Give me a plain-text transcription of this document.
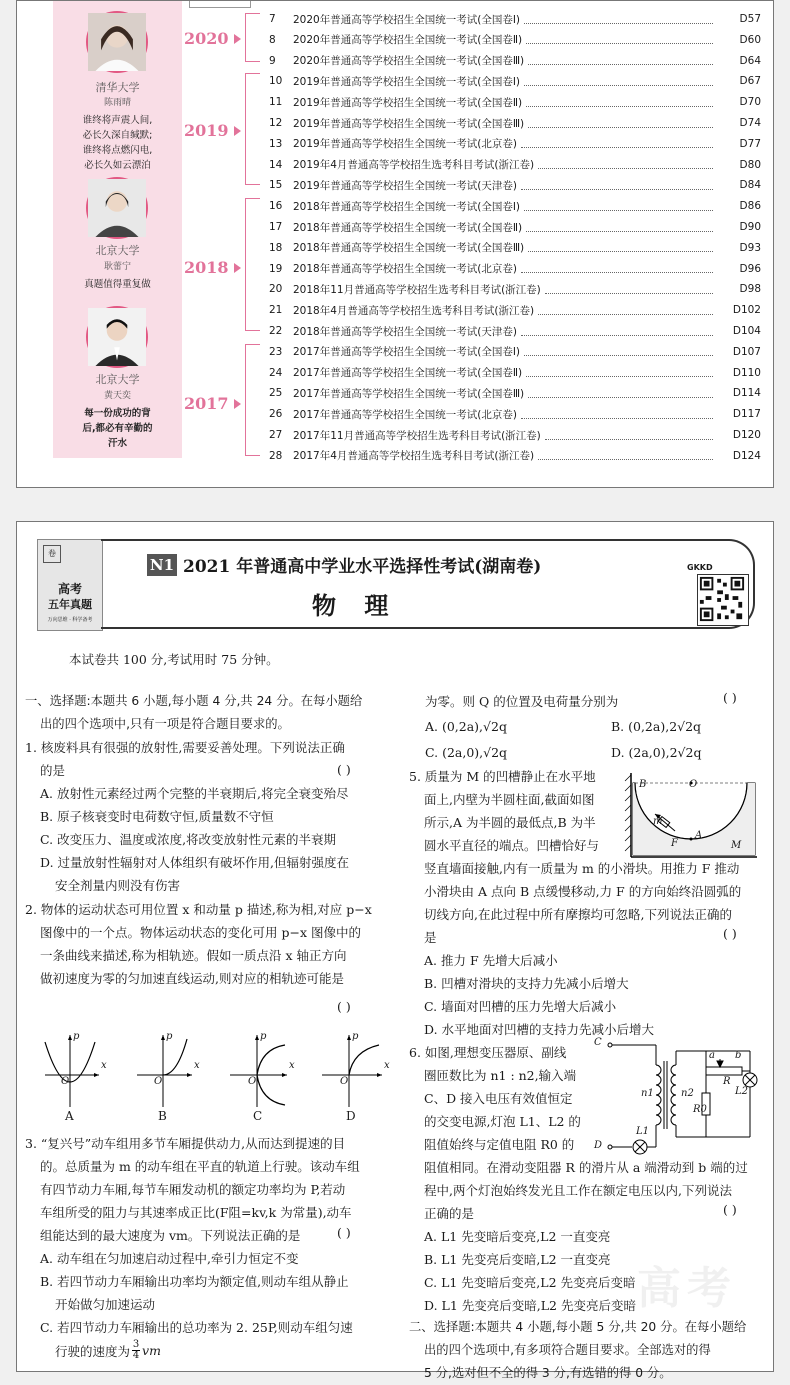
清华大学
陈雨晴
谁终将声震人间,
必长久深自缄默;
谁终将点燃闪电,
必长久如云漂泊
北京大学
耿蕾宁
真题值得重复做
北京大学
黄天奕
每一份成功的背
后,都必有辛勤的
汗水
2020
2019
2018
2017
7	2020年普通高等学校招生全国统一考试(全国卷Ⅰ)	D57
8	2020年普通高等学校招生全国统一考试(全国卷Ⅱ)	D60
9	2020年普通高等学校招生全国统一考试(全国卷Ⅲ)	D64
10	2019年普通高等学校招生全国统一考试(全国卷Ⅰ)	D67
11	2019年普通高等学校招生全国统一考试(全国卷Ⅱ)	D70
12	2019年普通高等学校招生全国统一考试(全国卷Ⅲ)	D74
13	2019年普通高等学校招生全国统一考试(北京卷)	D77
14	2019年4月普通高等学校招生选考科目考试(浙江卷)	D80
15	2019年普通高等学校招生全国统一考试(天津卷)	D84
16	2018年普通高等学校招生全国统一考试(全国卷Ⅰ)	D86
17	2018年普通高等学校招生全国统一考试(全国卷Ⅱ)	D90
18	2018年普通高等学校招生全国统一考试(全国卷Ⅲ)	D93
19	2018年普通高等学校招生全国统一考试(北京卷)	D96
20	2018年11月普通高等学校招生选考科目考试(浙江卷)	D98
21	2018年4月普通高等学校招生选考科目考试(浙江卷)	D102
22	2018年普通高等学校招生全国统一考试(天津卷)	D104
23	2017年普通高等学校招生全国统一考试(全国卷Ⅰ)	D107
24	2017年普通高等学校招生全国统一考试(全国卷Ⅱ)	D110
25	2017年普通高等学校招生全国统一考试(全国卷Ⅲ)	D114
26	2017年普通高等学校招生全国统一考试(北京卷)	D117
27	2017年11月普通高等学校招生选考科目考试(浙江卷)	D120
28	2017年4月普通高等学校招生选考科目考试(浙江卷)	D124
卷
高考
五年真题
万向思维 · 科学备考
N1 2021 年普通高中学业水平选择性考试(湖南卷)
物 理
GKKD
本试卷共 100 分,考试用时 75 分钟。
一、选择题:本题共 6 小题,每小题 4 分,共 24 分。在每小题给
出的四个选项中,只有一项是符合题目要求的。
1. 核废料具有很强的放射性,需要妥善处理。下列说法正确
的是
A. 放射性元素经过两个完整的半衰期后,将完全衰变殆尽
B. 原子核衰变时电荷数守恒,质量数不守恒
C. 改变压力、温度或浓度,将改变放射性元素的半衰期
D. 过量放射性辐射对人体组织有破坏作用,但辐射强度在
安全剂量内则没有伤害
( )
2. 物体的运动状态可用位置 x 和动量 p 描述,称为相,对应 p−x
图像中的一个点。物体运动状态的变化可用 p−x 图像中的
一条曲线来描述,称为相轨迹。假如一质点沿 x 轴正方向
做初速度为零的匀加速直线运动,则对应的相轨迹可能是
( )
p
x
O
p
x
O
p
x
O
p
x
O
A	B	C	D
3. “复兴号”动车组用多节车厢提供动力,从而达到提速的目
的。总质量为 m 的动车组在平直的轨道上行驶。该动车组
有四节动力车厢,每节车厢发动机的额定功率均为 P,若动
车组所受的阻力与其速率成正比(F阻=kv,k 为常量),动车
组能达到的最大速度为 vm。下列说法正确的是
A. 动车组在匀加速启动过程中,牵引力恒定不变
B. 若四节动力车厢输出功率均为额定值,则动车组从静止
开始做匀加速运动
C. 若四节动力车厢输出的总功率为 2. 25P,则动车组匀速
( )
行驶的速度为 3
4 vm
为零。则 Q 的位置及电荷量分别为	( )
A. (0,2a),√2q	B. (0,2a),2√2q
C. (2a,0),√2q	D. (2a,0),2√2q
5. 质量为 M 的凹槽静止在水平地
面上,内壁为半圆柱面,截面如图
所示,A 为半圆的最低点,B 为半
圆水平直径的端点。凹槽恰好与
竖直墙面接触,内有一质量为 m 的小滑块。用推力 F 推动
小滑块由 A 点向 B 点缓慢移动,力 F 的方向始终沿圆弧的
切线方向,在此过程中所有摩擦均可忽略,下列说法正确的
是
A. 推力 F 先增大后减小
B. 凹槽对滑块的支持力先减小后增大
C. 墙面对凹槽的压力先增大后减小
D. 水平地面对凹槽的支持力先减小后增大
( )
B	O
m
F
A
M
6. 如图,理想变压器原、副线
圈匝数比为 n1 : n2,输入端
C、D 接入电压有效值恒定
的交变电源,灯泡 L1、L2 的
阻值始终与定值电阻 R0 的
阻值相同。在滑动变阻器 R 的滑片从 a 端滑动到 b 端的过
程中,两个灯泡始终发光且工作在额定电压以内,下列说法
正确的是
A. L1 先变暗后变亮,L2 一直变亮
B. L1 先变亮后变暗,L2 一直变亮
C. L1 先变暗后变亮,L2 先变亮后变暗
D. L1 先变亮后变暗,L2 先变亮后变暗
( )
C
D
n1	n2
a b
R
R0
L1
L2
二、选择题:本题共 4 小题,每小题 5 分,共 20 分。在每小题给
出的四个选项中,有多项符合题目要求。全部选对的得
5 分,选对但不全的得 3 分,有选错的得 0 分。
高考
